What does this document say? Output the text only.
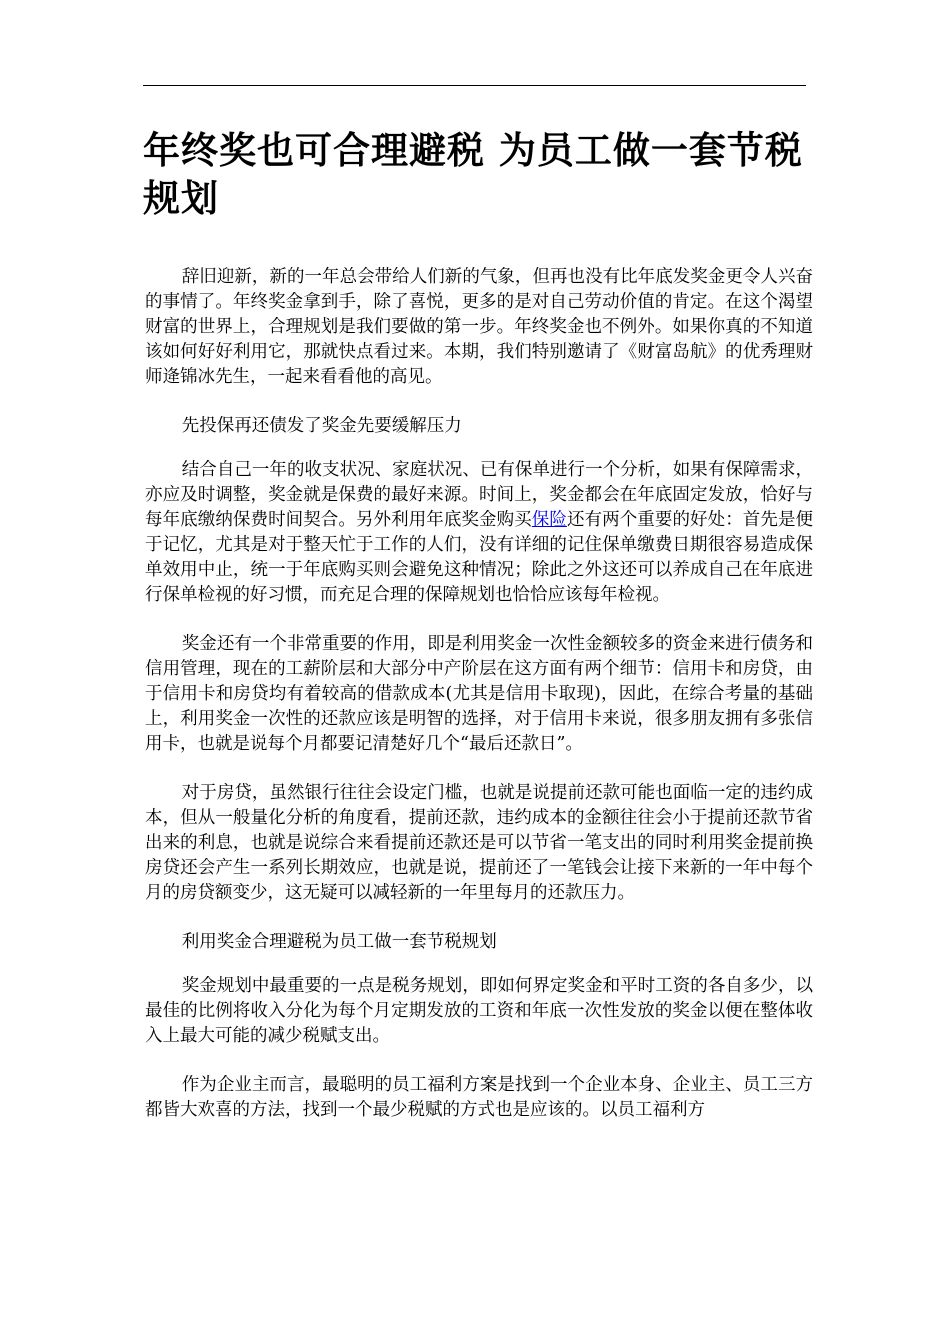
年终奖也可合理避税 为员工做一套节税规划

辞旧迎新，新的一年总会带给人们新的气象，但再也没有比年底发奖金更令人兴奋的事情了。年终奖金拿到手，除了喜悦，更多的是对自己劳动价值的肯定。在这个渴望财富的世界上，合理规划是我们要做的第一步。年终奖金也不例外。如果你真的不知道该如何好好利用它，那就快点看过来。本期，我们特别邀请了《财富岛航》的优秀理财师逄锦冰先生，一起来看看他的高见。

先投保再还债发了奖金先要缓解压力

结合自己一年的收支状况、家庭状况、已有保单进行一个分析，如果有保障需求，亦应及时调整，奖金就是保费的最好来源。时间上，奖金都会在年底固定发放，恰好与每年底缴纳保费时间契合。另外利用年底奖金购买保险还有两个重要的好处：首先是便于记忆，尤其是对于整天忙于工作的人们，没有详细的记住保单缴费日期很容易造成保单效用中止，统一于年底购买则会避免这种情况；除此之外这还可以养成自己在年底进行保单检视的好习惯，而充足合理的保障规划也恰恰应该每年检视。

奖金还有一个非常重要的作用，即是利用奖金一次性金额较多的资金来进行债务和信用管理，现在的工薪阶层和大部分中产阶层在这方面有两个细节：信用卡和房贷，由于信用卡和房贷均有着较高的借款成本(尤其是信用卡取现)，因此，在综合考量的基础上，利用奖金一次性的还款应该是明智的选择，对于信用卡来说，很多朋友拥有多张信用卡，也就是说每个月都要记清楚好几个“最后还款日”。

对于房贷，虽然银行往往会设定门槛，也就是说提前还款可能也面临一定的违约成本，但从一般量化分析的角度看，提前还款，违约成本的金额往往会小于提前还款节省出来的利息，也就是说综合来看提前还款还是可以节省一笔支出的同时利用奖金提前换房贷还会产生一系列长期效应，也就是说，提前还了一笔钱会让接下来新的一年中每个月的房贷额变少，这无疑可以减轻新的一年里每月的还款压力。

利用奖金合理避税为员工做一套节税规划

奖金规划中最重要的一点是税务规划，即如何界定奖金和平时工资的各自多少，以最佳的比例将收入分化为每个月定期发放的工资和年底一次性发放的奖金以便在整体收入上最大可能的减少税赋支出。

作为企业主而言，最聪明的员工福利方案是找到一个企业本身、企业主、员工三方都皆大欢喜的方法，找到一个最少税赋的方式也是应该的。以员工福利方
